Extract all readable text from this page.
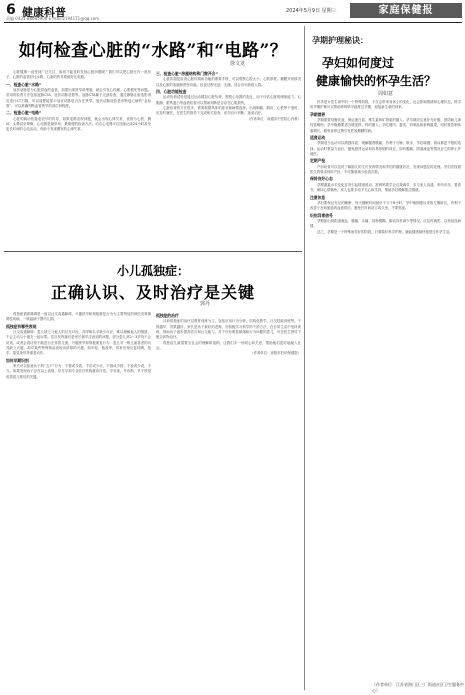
6 健康科普
责编 0431-88685906 E-mail:2194171@qq.com
2024年5月9日 星期三	家庭保健报
如何检查心脏的“水路”和“电路”？
徐文龙

心脏健康一直受到广泛关注，如何才能及时发现心脏问题呢？我们可以把心脏比作一座房子，心脏的血管好比水路，心脏的传导系统好比电路。

一、检查心脏“水路”

冠状动脉是为心脏供血的血管，如果出现狭窄或堵塞，就会引发心绞痛、心肌梗死等问题。常用的检查方法包括冠脉CTA、冠状动脉造影等。冠脉CTA属于无创检查，通过静脉注射造影剂后进行CT扫描，可以清楚地显示冠状动脉是否存在狭窄。冠状动脉造影是诊断冠心病的“金标准”，可以准确判断血管狭窄的部位和程度。

二、检查心脏“电路”

心脏的跳动依靠电信号的传导，如果电路出现问题，就会出现心律失常，表现为心慌、胸闷、头晕甚至晕厥。心电图是最常用、最简便的检查方法。动态心电图可以连续记录24小时甚至更长时间的心电活动，有助于发现偶发的心律失常。

三、检查心脏“房屋结构和门窗开合”

心脏彩超是检查心脏结构和功能的重要手段，可以观察心腔大小、心肌厚度、瓣膜开闭情况以及心脏的收缩和舒张功能。检查过程无创、无痛，适合各年龄段人群。

四、心脏功能检查

运动负荷试验是通过运动增加心脏负荷，观察心电图的变化，用于评估心脏的储备能力。心肌酶、肌钙蛋白等血液检查可以帮助判断是否存在心肌损伤。

心脏检查的方法很多，需要根据具体的症状和病情选择。出现胸痛、胸闷、心慌等不适时，应及时就医，在医生的指导下完成相关检查，切勿自行判断、延误治疗。

（作者单位：南通市中医院心内科）

小儿孤独症：
正确认识、及时治疗是关键
郭丹

孤独症谱系障碍是一组以社交沟通障碍、兴趣狭窄和刻板重复行为为主要特征的神经发育障碍性疾病，一般起病于婴幼儿期。

孤独症有哪些表现

社交沟通障碍：患儿缺乏与他人的目光对视，对呼唤名字缺少反应，难以理解他人的情绪，不会主动与小朋友一起玩耍。语言发育落后是家长最早注意到的问题，部分患儿到2～3岁仍不会说话，或者会说话但不能进行正常的交流。兴趣狭窄和刻板重复行为：患儿对一般儿童喜爱的玩具缺乏兴趣，却对某些特殊物品表现出浓厚的兴趣，如车轮、瓶盖等，常常出现反复转圈、拍手、摇晃身体等重复动作。

如何早期识别

家长可以留意孩子的“五不”行为：不看或少看、不应或少应、不指或少指、不说或少说、不当。如果发现孩子存在以上表现，应尽早到专业医疗机构就诊评估。早发现、早诊断、早干预是改善患儿预后的关键。

孤独症的治疗

目前孤独症的治疗以教育训练为主，包括应用行为分析、结构化教学、社交技能训练等。干预越早，效果越好。家长是孩子最好的老师，应积极学习科学的干预方法，在日常生活中坚持训练，帮助孩子逐步提高语言和社交能力。对于伴有明显情绪和行为问题的患儿，可在医生指导下配合药物治疗。

孤独症儿童需要全社会的理解和接纳，让我们多一份耐心和关爱，帮助他们更好地融入社会。

（作者单位：洛阳市妇幼保健院）

孕期护理秘诀：
孕妇如何度过
健康愉快的怀孕生活？
周如意

怀孕是女性生命中的一个特殊阶段，不仅会带来身体上的变化，也会影响情绪和心理状态。科学的孕期护理可以帮助准妈妈平稳度过孕期，迎接新生命的到来。

孕期营养

孕期需要均衡饮食，保证蛋白质、维生素和矿物质的摄入。孕早期应注意补充叶酸，预防胎儿神经管畸形；孕中晚期要适当增加铁、钙的摄入，多吃瘦肉、蛋类、奶制品和新鲜蔬果。同时要控制体重增长，避免营养过剩引发妊娠期糖尿病。

适度运动

孕期适当运动可以增强体质，缓解腰背酸痛，有利于分娩。散步、孕妇瑜伽、游泳都是不错的选择。运动时要量力而行，避免剧烈运动和容易摔倒的项目，如有腹痛、阴道流血等情况应立即停止并就医。

定期产检

产前检查可以及时了解胎儿的生长发育情况和孕妇的健康状况，发现问题及时处理。孕妇应按照医生的要求按时产检，不可随意减少检查次数。

保持良好心态

孕期激素水平变化容易引起情绪波动，准妈妈要学会自我调节，多与家人沟通，听听音乐、看看书，保持心情愉快。家人也要多给予关心和支持，帮助孕妇缓解焦虑情绪。

注意休息

孕妇要保证充足的睡眠，每天睡眠时间最好不少于8小时，孕中晚期建议采取左侧卧位，有利于改善子宫和胎盘的血液供应。避免长时间站立或久坐，不要熬夜。

识别异常信号

孕期如出现阴道流血、腹痛、头痛、视物模糊、胎动异常减少等情况，应及时就医，以免延误病情。

总之，孕期是一个特殊而美好的阶段，只要做好科学护理，就能健康愉快地度过怀孕生活。

（作者单位：江苏省海门区三厂街道社区卫生服务中心）
